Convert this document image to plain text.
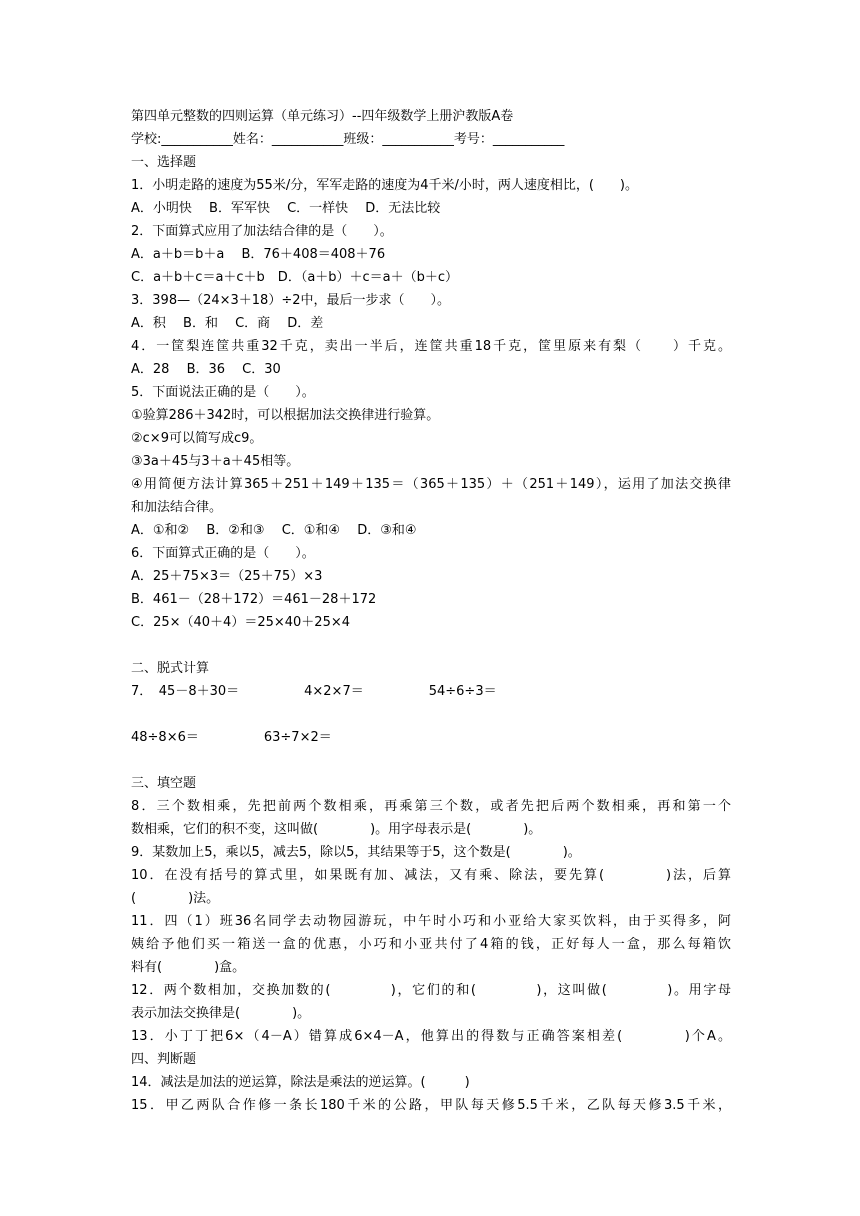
第四单元整数的四则运算（单元练习）--四年级数学上册沪教版A卷
学校:___________姓名：___________班级：___________考号：___________
一、选择题
1．小明走路的速度为55米/分，军军走路的速度为4千米/小时，两人速度相比，(　　)。
A．小明快　 B．军军快　 C．一样快　 D．无法比较
2．下面算式应用了加法结合律的是（　　）。
A．a＋b＝b＋a　 B．76＋408＝408＋76
C．a＋b＋c＝a＋c＋b　D．（a＋b）＋c＝a＋（b＋c）
3．398—（24×3＋18）÷2中，最后一步求（　　）。
A．积　 B．和　 C．商　 D．差
4．一筐梨连筐共重32千克，卖出一半后，连筐共重18千克，筐里原来有梨（　　）千克。
A．28　 B．36　 C．30
5．下面说法正确的是（　　）。
①验算286＋342时，可以根据加法交换律进行验算。
②c×9可以简写成c9。
③3a＋45与3＋a＋45相等。
④用简便方法计算365＋251＋149＋135＝（365＋135）＋（251＋149），运用了加法交换律
和加法结合律。
A．①和②　 B．②和③　 C．①和④　 D．③和④
6．下面算式正确的是（　　）。
A．25＋75×3＝（25＋75）×3
B．461－（28＋172）＝461－28＋172
C．25×（40＋4）＝25×40＋25×4
二、脱式计算
7．　45－8＋30＝　　　　　4×2×7＝　　　　　54÷6÷3＝
48÷8×6＝　　　　　63÷7×2＝
三、填空题
8．三个数相乘，先把前两个数相乘，再乘第三个数，或者先把后两个数相乘，再和第一个
数相乘，它们的积不变，这叫做(　　　　)。用字母表示是(　　　　)。
9．某数加上5，乘以5，减去5，除以5，其结果等于5，这个数是(　　　　)。
10．在没有括号的算式里，如果既有加、减法，又有乘、除法，要先算(　　　　)法，后算
(　　　　)法。
11．四（1）班36名同学去动物园游玩，中午时小巧和小亚给大家买饮料，由于买得多，阿
姨给予他们买一箱送一盒的优惠，小巧和小亚共付了4箱的钱，正好每人一盒，那么每箱饮
料有(　　　　)盒。
12．两个数相加，交换加数的(　　　　)，它们的和(　　　　)，这叫做(　　　　)。用字母
表示加法交换律是(　　　　)。
13．小丁丁把6×（4－A）错算成6×4－A，他算出的得数与正确答案相差(　　　　)个A。
四、判断题
14．减法是加法的逆运算，除法是乘法的逆运算。(　　　)
15．甲乙两队合作修一条长180千米的公路，甲队每天修5.5千米，乙队每天修3.5千米，
